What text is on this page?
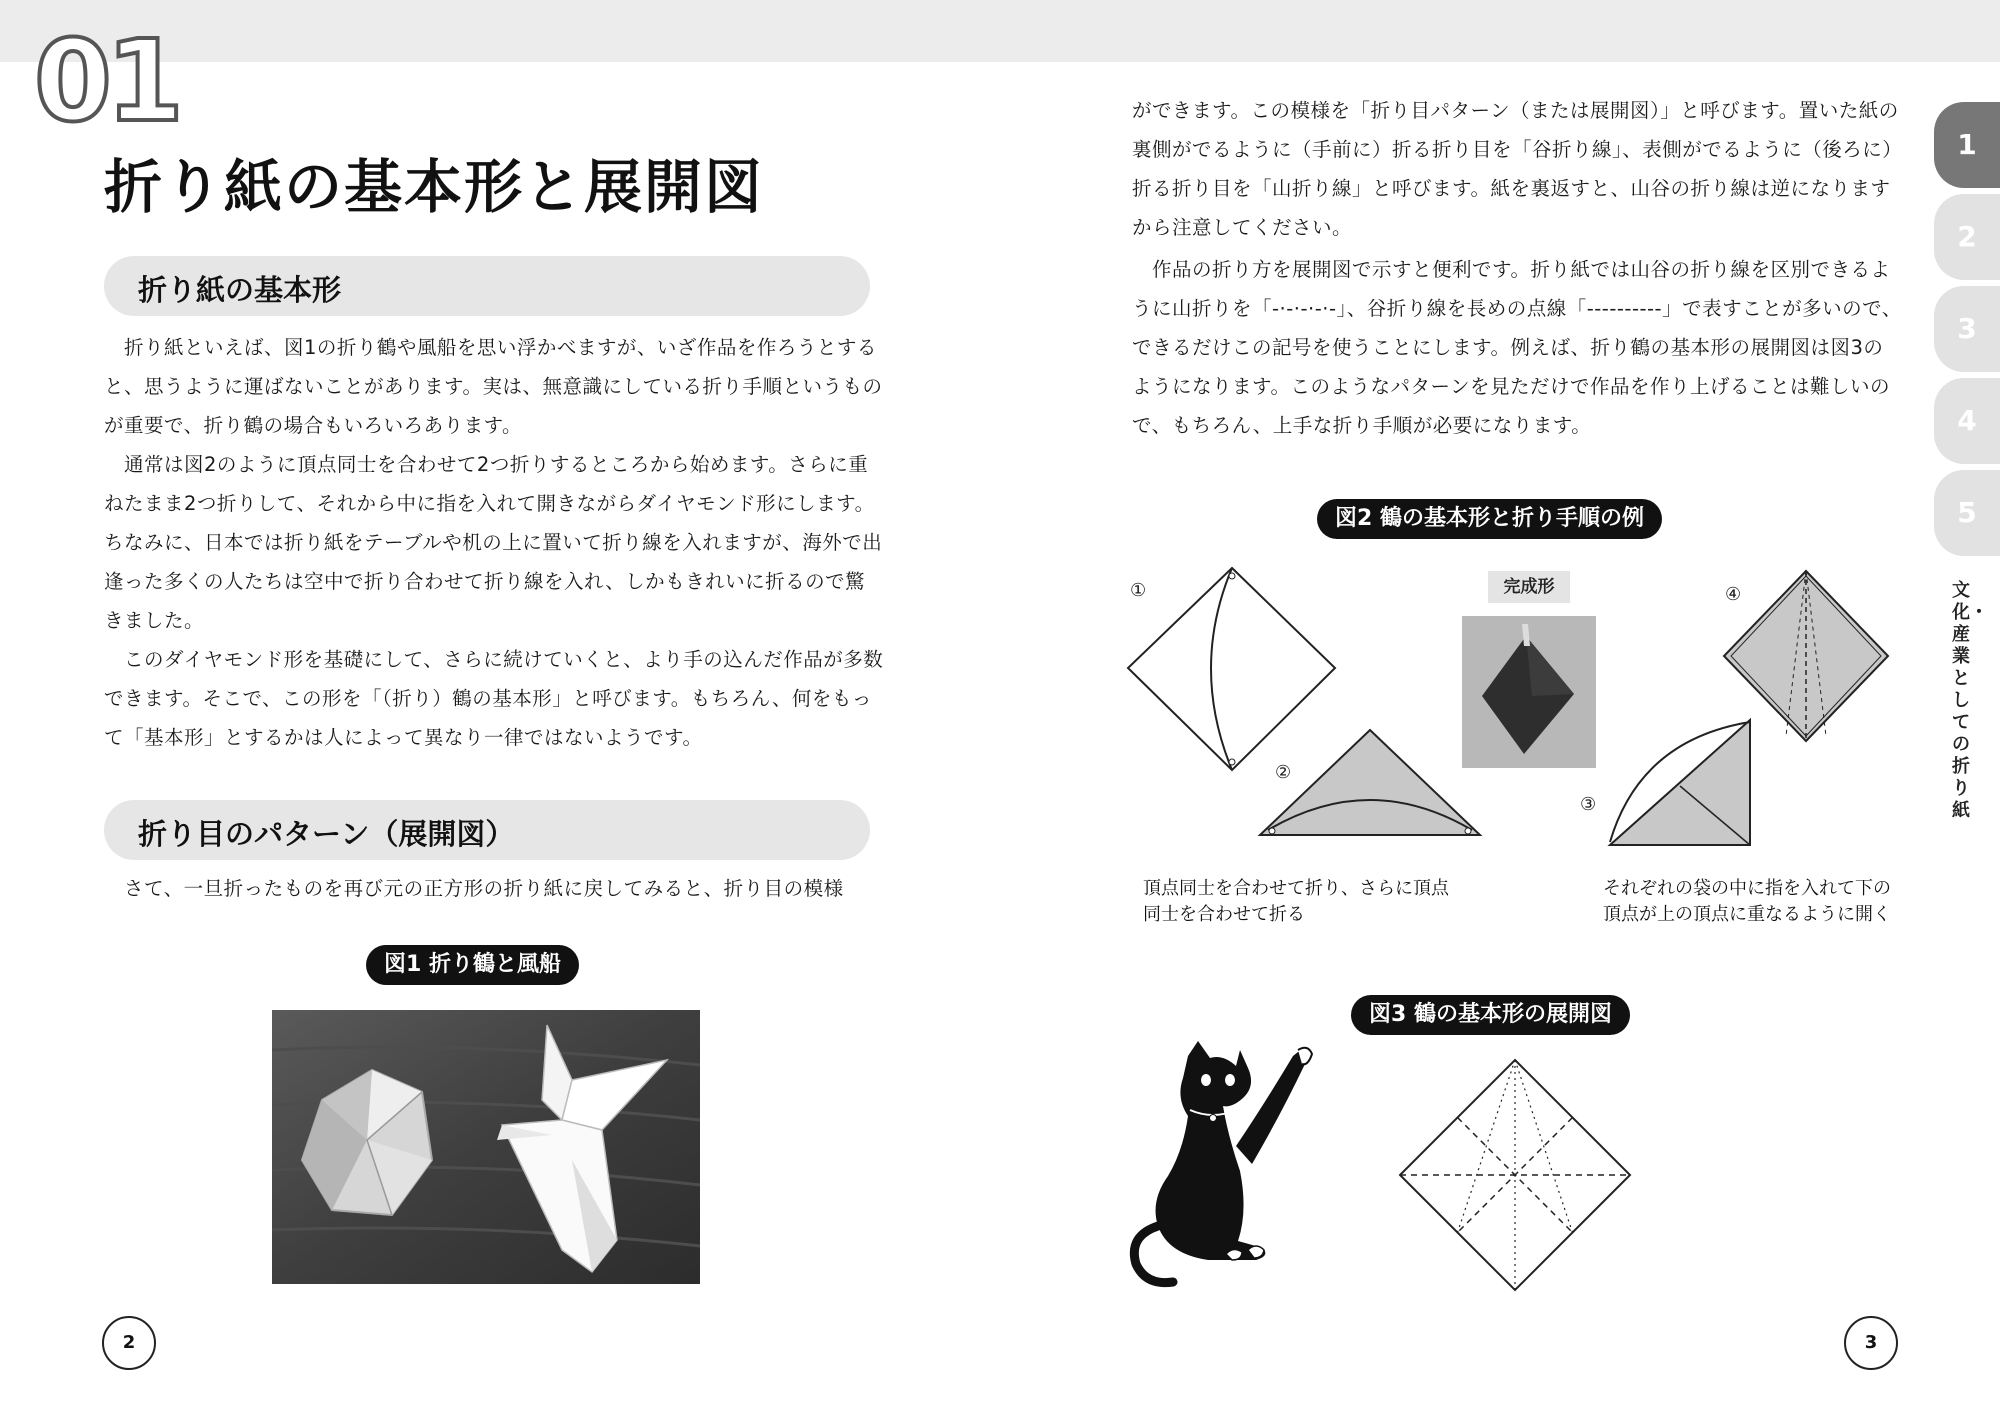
01
折り紙の基本形と展開図
折り紙の基本形

　折り紙といえば、図1の折り鶴や風船を思い浮かべますが、いざ作品を作ろうとすると、思うように運ばないことがあります。実は、無意識にしている折り手順というものが重要で、折り鶴の場合もいろいろあります。

　通常は図2のように頂点同士を合わせて2つ折りするところから始めます。さらに重ねたまま2つ折りして、それから中に指を入れて開きながらダイヤモンド形にします。ちなみに、日本では折り紙をテーブルや机の上に置いて折り線を入れますが、海外で出逢った多くの人たちは空中で折り合わせて折り線を入れ、しかもきれいに折るので驚きました。

　このダイヤモンド形を基礎にして、さらに続けていくと、より手の込んだ作品が多数できます。そこで、この形を「（折り）鶴の基本形」と呼びます。もちろん、何をもって「基本形」とするかは人によって異なり一律ではないようです。

折り目のパターン（展開図）

　さて、一旦折ったものを再び元の正方形の折り紙に戻してみると、折り目の模様

図1 折り鶴と風船
2

ができます。この模様を「折り目パターン（または展開図）」と呼びます。置いた紙の裏側がでるように（手前に）折る折り目を「谷折り線」、表側がでるように（後ろに）折る折り目を「山折り線」と呼びます。紙を裏返すと、山谷の折り線は逆になりますから注意してください。

　作品の折り方を展開図で示すと便利です。折り紙では山谷の折り線を区別できるように山折りを「-·-·-·-·-」、谷折り線を長めの点線「----------」で表すことが多いので、できるだけこの記号を使うことにします。例えば、折り鶴の基本形の展開図は図3のようになります。このようなパターンを見ただけで作品を作り上げることは難しいので、もちろん、上手な折り手順が必要になります。

図2 鶴の基本形と折り手順の例
①
②
③
④
完成形

頂点同士を合わせて折り、さらに頂点
同士を合わせて折る

それぞれの袋の中に指を入れて下の
頂点が上の頂点に重なるように開く

図3 鶴の基本形の展開図
3
1
2
3
4
5
文化・産業としての折り紙
